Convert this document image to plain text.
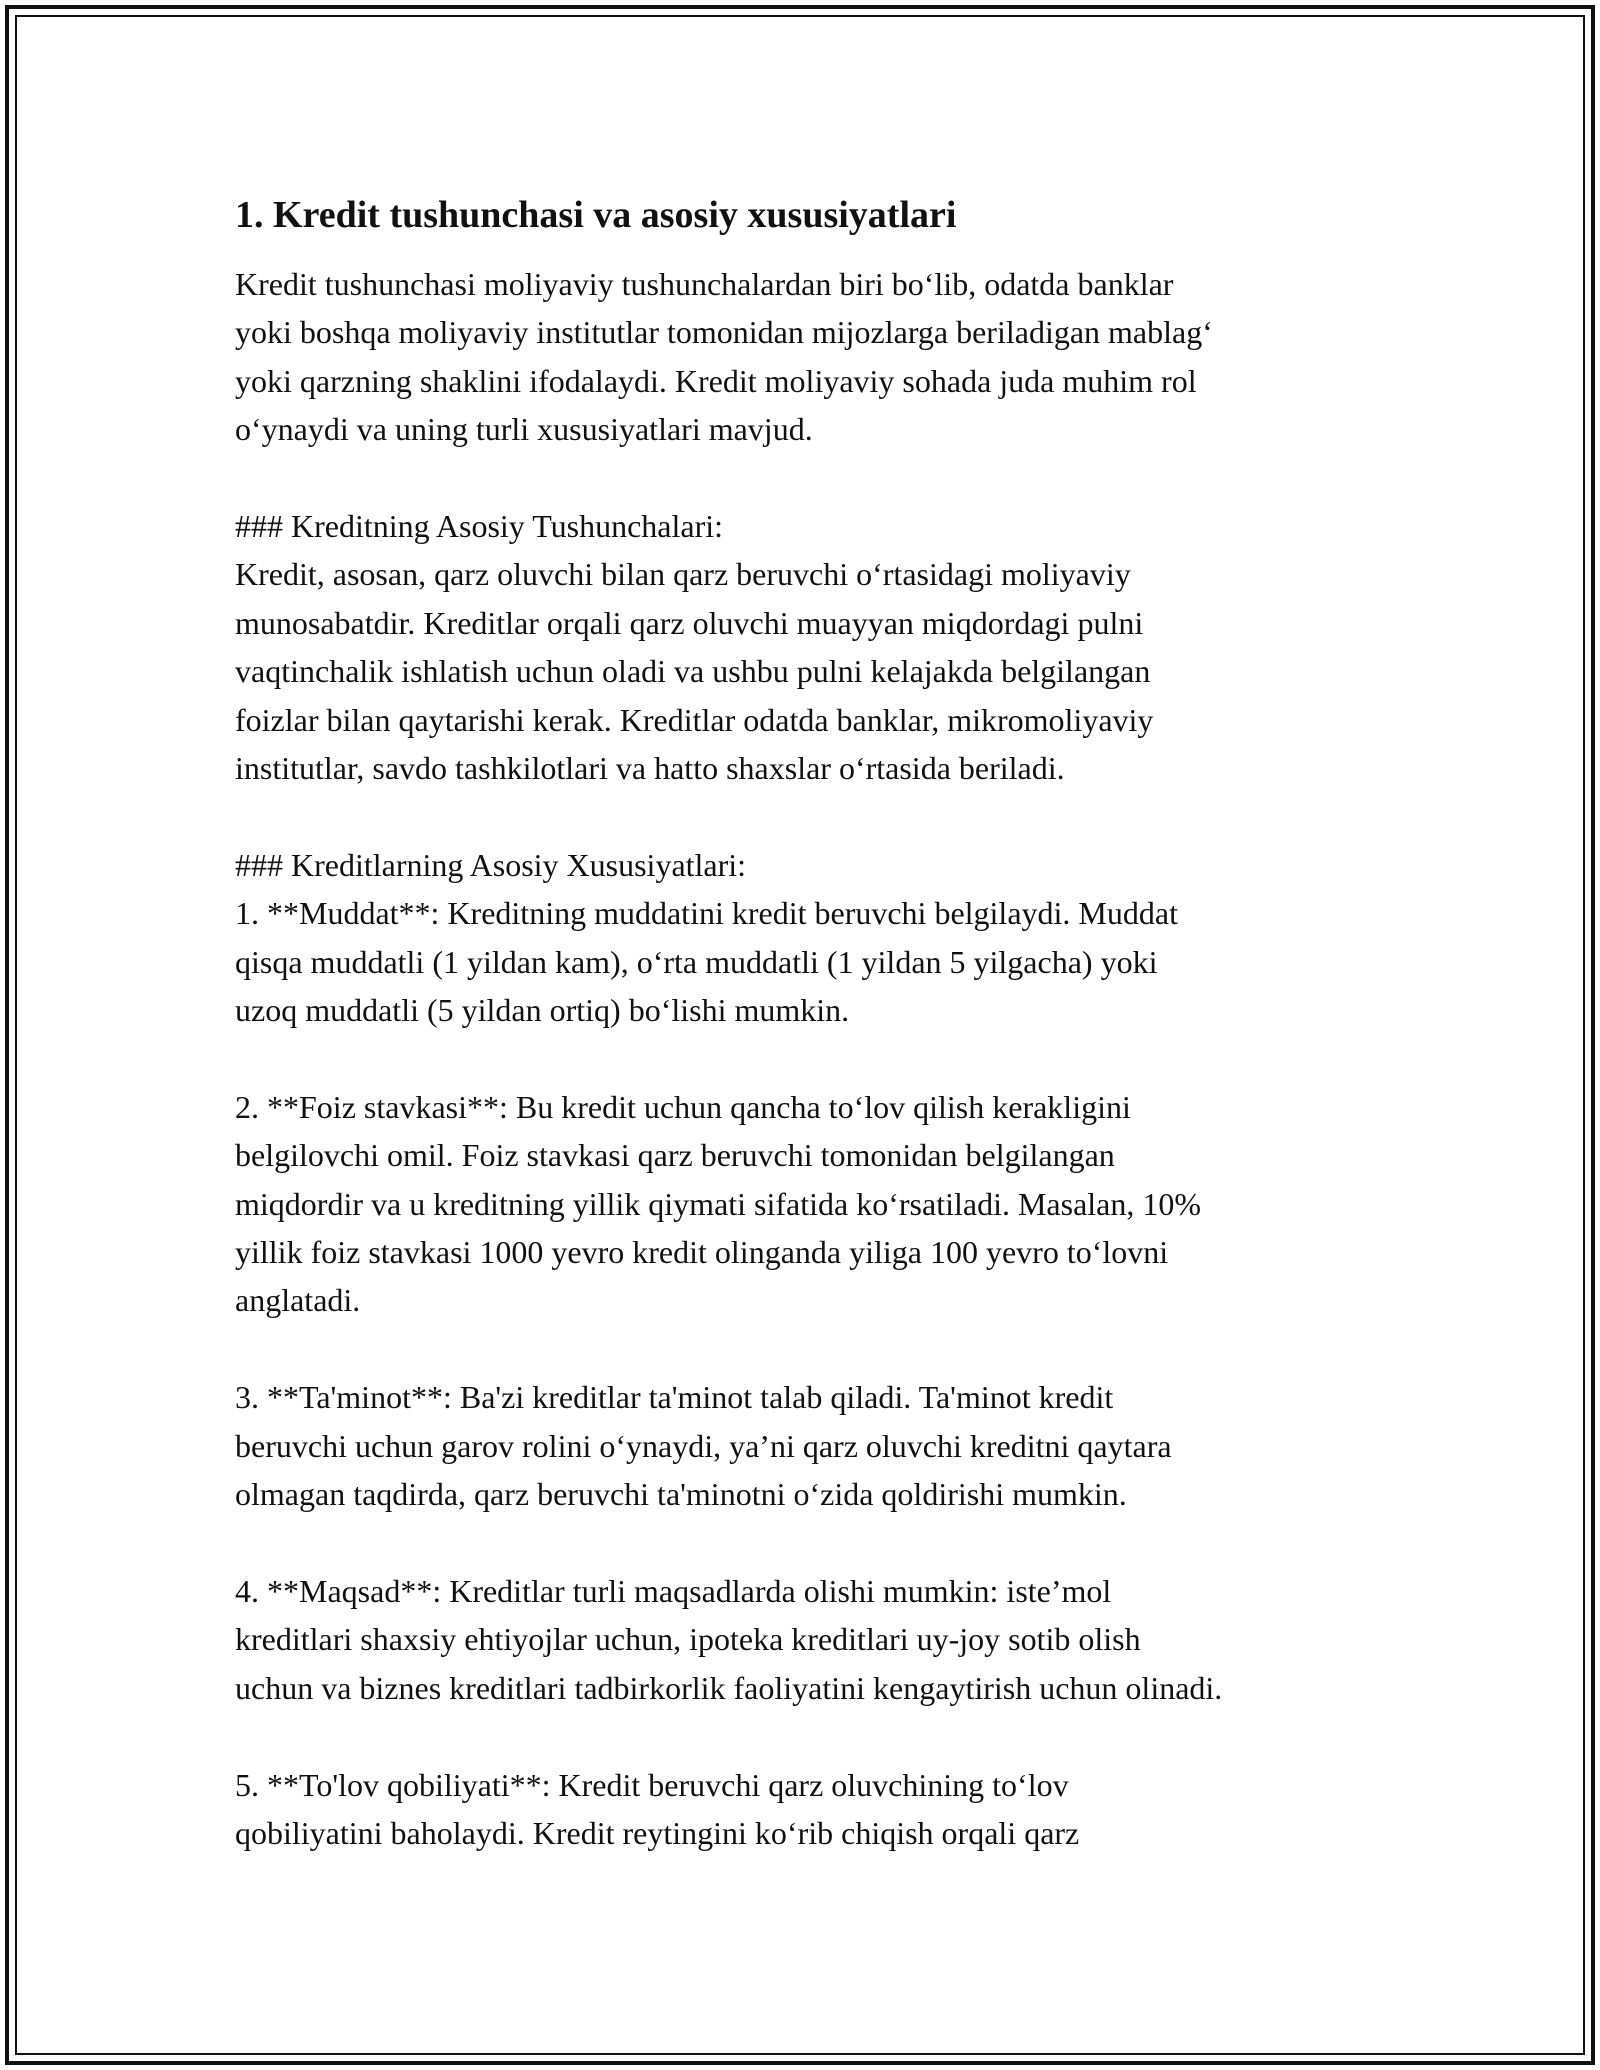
1. Kredit tushunchasi va asosiy xususiyatlari
Kredit tushunchasi moliyaviy tushunchalardan biri bo‘lib, odatda banklar
yoki boshqa moliyaviy institutlar tomonidan mijozlarga beriladigan mablag‘
yoki qarzning shaklini ifodalaydi. Kredit moliyaviy sohada juda muhim rol
o‘ynaydi va uning turli xususiyatlari mavjud.
### Kreditning Asosiy Tushunchalari:
Kredit, asosan, qarz oluvchi bilan qarz beruvchi o‘rtasidagi moliyaviy
munosabatdir. Kreditlar orqali qarz oluvchi muayyan miqdordagi pulni
vaqtinchalik ishlatish uchun oladi va ushbu pulni kelajakda belgilangan
foizlar bilan qaytarishi kerak. Kreditlar odatda banklar, mikromoliyaviy
institutlar, savdo tashkilotlari va hatto shaxslar o‘rtasida beriladi.
### Kreditlarning Asosiy Xususiyatlari:
1. **Muddat**: Kreditning muddatini kredit beruvchi belgilaydi. Muddat
qisqa muddatli (1 yildan kam), o‘rta muddatli (1 yildan 5 yilgacha) yoki
uzoq muddatli (5 yildan ortiq) bo‘lishi mumkin.
2. **Foiz stavkasi**: Bu kredit uchun qancha to‘lov qilish kerakligini
belgilovchi omil. Foiz stavkasi qarz beruvchi tomonidan belgilangan
miqdordir va u kreditning yillik qiymati sifatida ko‘rsatiladi. Masalan, 10%
yillik foiz stavkasi 1000 yevro kredit olinganda yiliga 100 yevro to‘lovni
anglatadi.
3. **Ta'minot**: Ba'zi kreditlar ta'minot talab qiladi. Ta'minot kredit
beruvchi uchun garov rolini o‘ynaydi, ya’ni qarz oluvchi kreditni qaytara
olmagan taqdirda, qarz beruvchi ta'minotni o‘zida qoldirishi mumkin.
4. **Maqsad**: Kreditlar turli maqsadlarda olishi mumkin: iste’mol
kreditlari shaxsiy ehtiyojlar uchun, ipoteka kreditlari uy-joy sotib olish
uchun va biznes kreditlari tadbirkorlik faoliyatini kengaytirish uchun olinadi.
5. **To'lov qobiliyati**: Kredit beruvchi qarz oluvchining to‘lov
qobiliyatini baholaydi. Kredit reytingini ko‘rib chiqish orqali qarz
